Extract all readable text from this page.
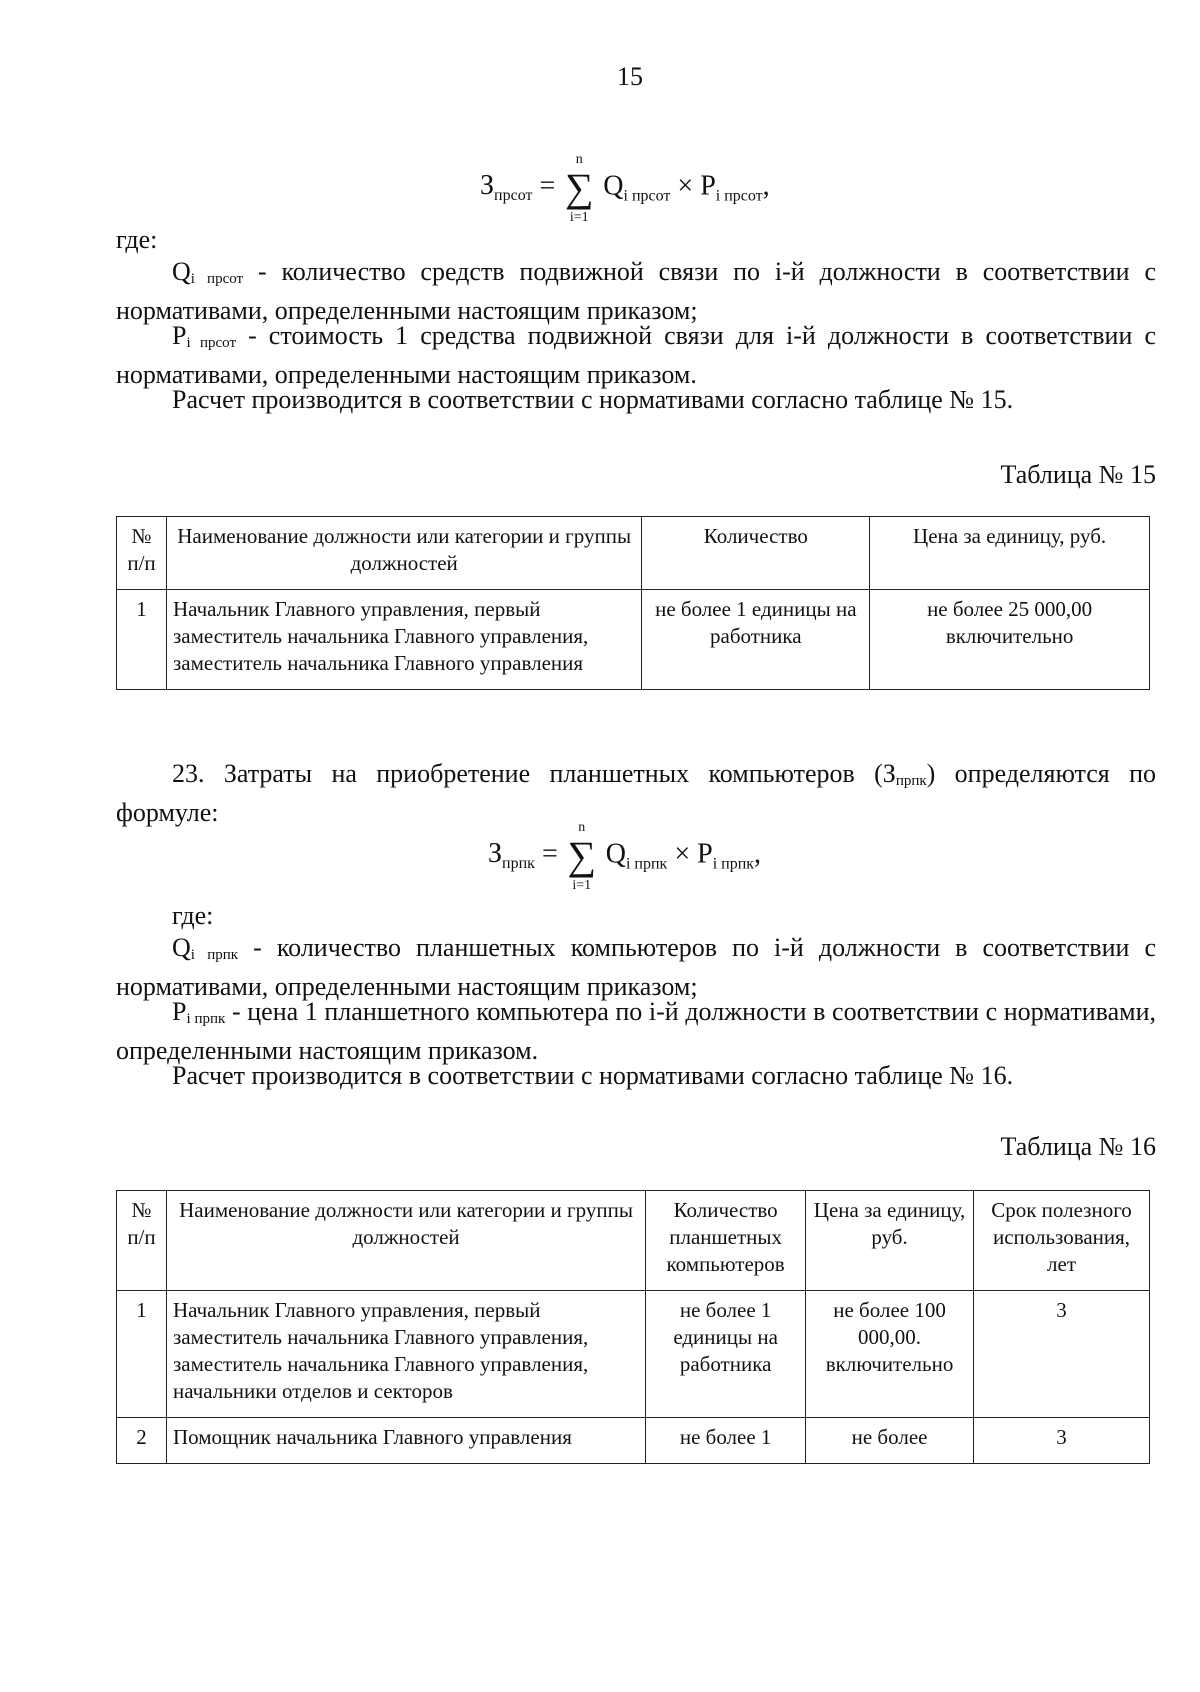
15
$З_{прсот}$ =
n
∑
i=1
$Q_{i прсот} \times P_{i прсот}$,

где:

$Q_{i прсот}$ - количество средств подвижной связи по i-й должности в соответствии с нормативами, определенными настоящим приказом;

$P_{i прсот}$ - стоимость 1 средства подвижной связи для i-й должности в соответствии с нормативами, определенными настоящим приказом.

Расчет производится в соответствии с нормативами согласно таблице № 15.

Таблица № 15
№ п/п	Наименование должности или категории и группы должностей	Количество	Цена за единицу, руб.
1	Начальник Главного управления, первый заместитель начальника Главного управления, заместитель начальника Главного управления	не более 1 единицы на работника	не более 25 000,00 включительно

23. Затраты на приобретение планшетных компьютеров $(З_{прпк})$ определяются по формуле:

$З_{прпк}$ =
n
∑
i=1
$Q_{i прпк} \times P_{i прпк}$,

где:

$Q_{i прпк}$ - количество планшетных компьютеров по i-й должности в соответствии с нормативами, определенными настоящим приказом;

$P_{i прпк}$ - цена 1 планшетного компьютера по i-й должности в соответствии с нормативами, определенными настоящим приказом.

Расчет производится в соответствии с нормативами согласно таблице № 16.

Таблица № 16
№ п/п	Наименование должности или категории и группы должностей	Количество планшетных компьютеров	Цена за единицу, руб.	Срок полезного использования, лет
1	Начальник Главного управления, первый заместитель начальника Главного управления, заместитель начальника Главного управления, начальники отделов и секторов	не более 1 единицы на работника	не более 100 000,00. включительно	3
2	Помощник начальника Главного управления	не более 1	не более	3
